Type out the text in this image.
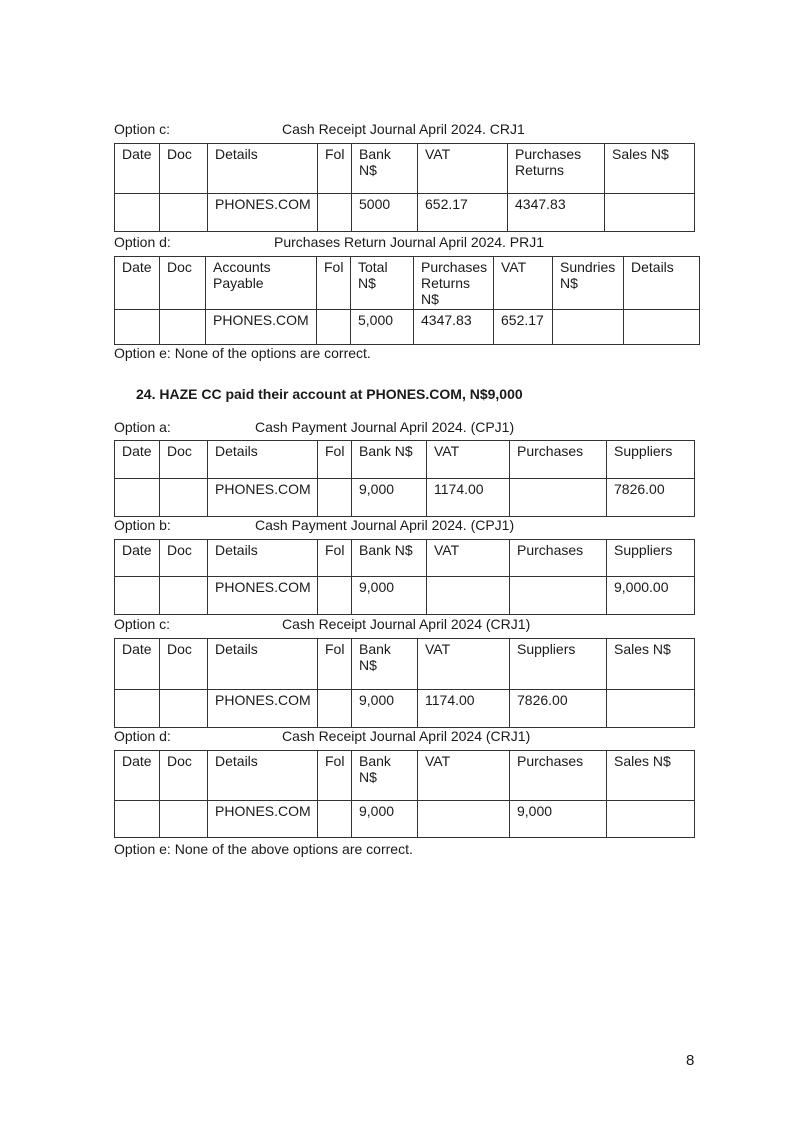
Option c:	Cash Receipt Journal April 2024. CRJ1
Date	Doc	Details	Fol	Bank N$	VAT	Purchases Returns	Sales N$
		PHONES.COM		5000	652.17	4347.83	
Option d:	Purchases Return Journal April 2024. PRJ1
Date	Doc	Accounts Payable	Fol	Total N$	Purchases Returns N$	VAT	Sundries N$	Details
		PHONES.COM		5,000	4347.83	652.17		
Option e: None of the options are correct.
24. HAZE CC paid their account at PHONES.COM, N$9,000
Option a:	Cash Payment Journal April 2024. (CPJ1)
Date	Doc	Details	Fol	Bank N$	VAT	Purchases	Suppliers
		PHONES.COM		9,000	1174.00		7826.00
Option b:	Cash Payment Journal April 2024. (CPJ1)
Date	Doc	Details	Fol	Bank N$	VAT	Purchases	Suppliers
		PHONES.COM		9,000			9,000.00
Option c:	Cash Receipt Journal April 2024 (CRJ1)
Date	Doc	Details	Fol	Bank N$	VAT	Suppliers	Sales N$
		PHONES.COM		9,000	1174.00	7826.00	
Option d:	Cash Receipt Journal April 2024 (CRJ1)
Date	Doc	Details	Fol	Bank N$	VAT	Purchases	Sales N$
		PHONES.COM		9,000		9,000	
Option e: None of the above options are correct.
8
